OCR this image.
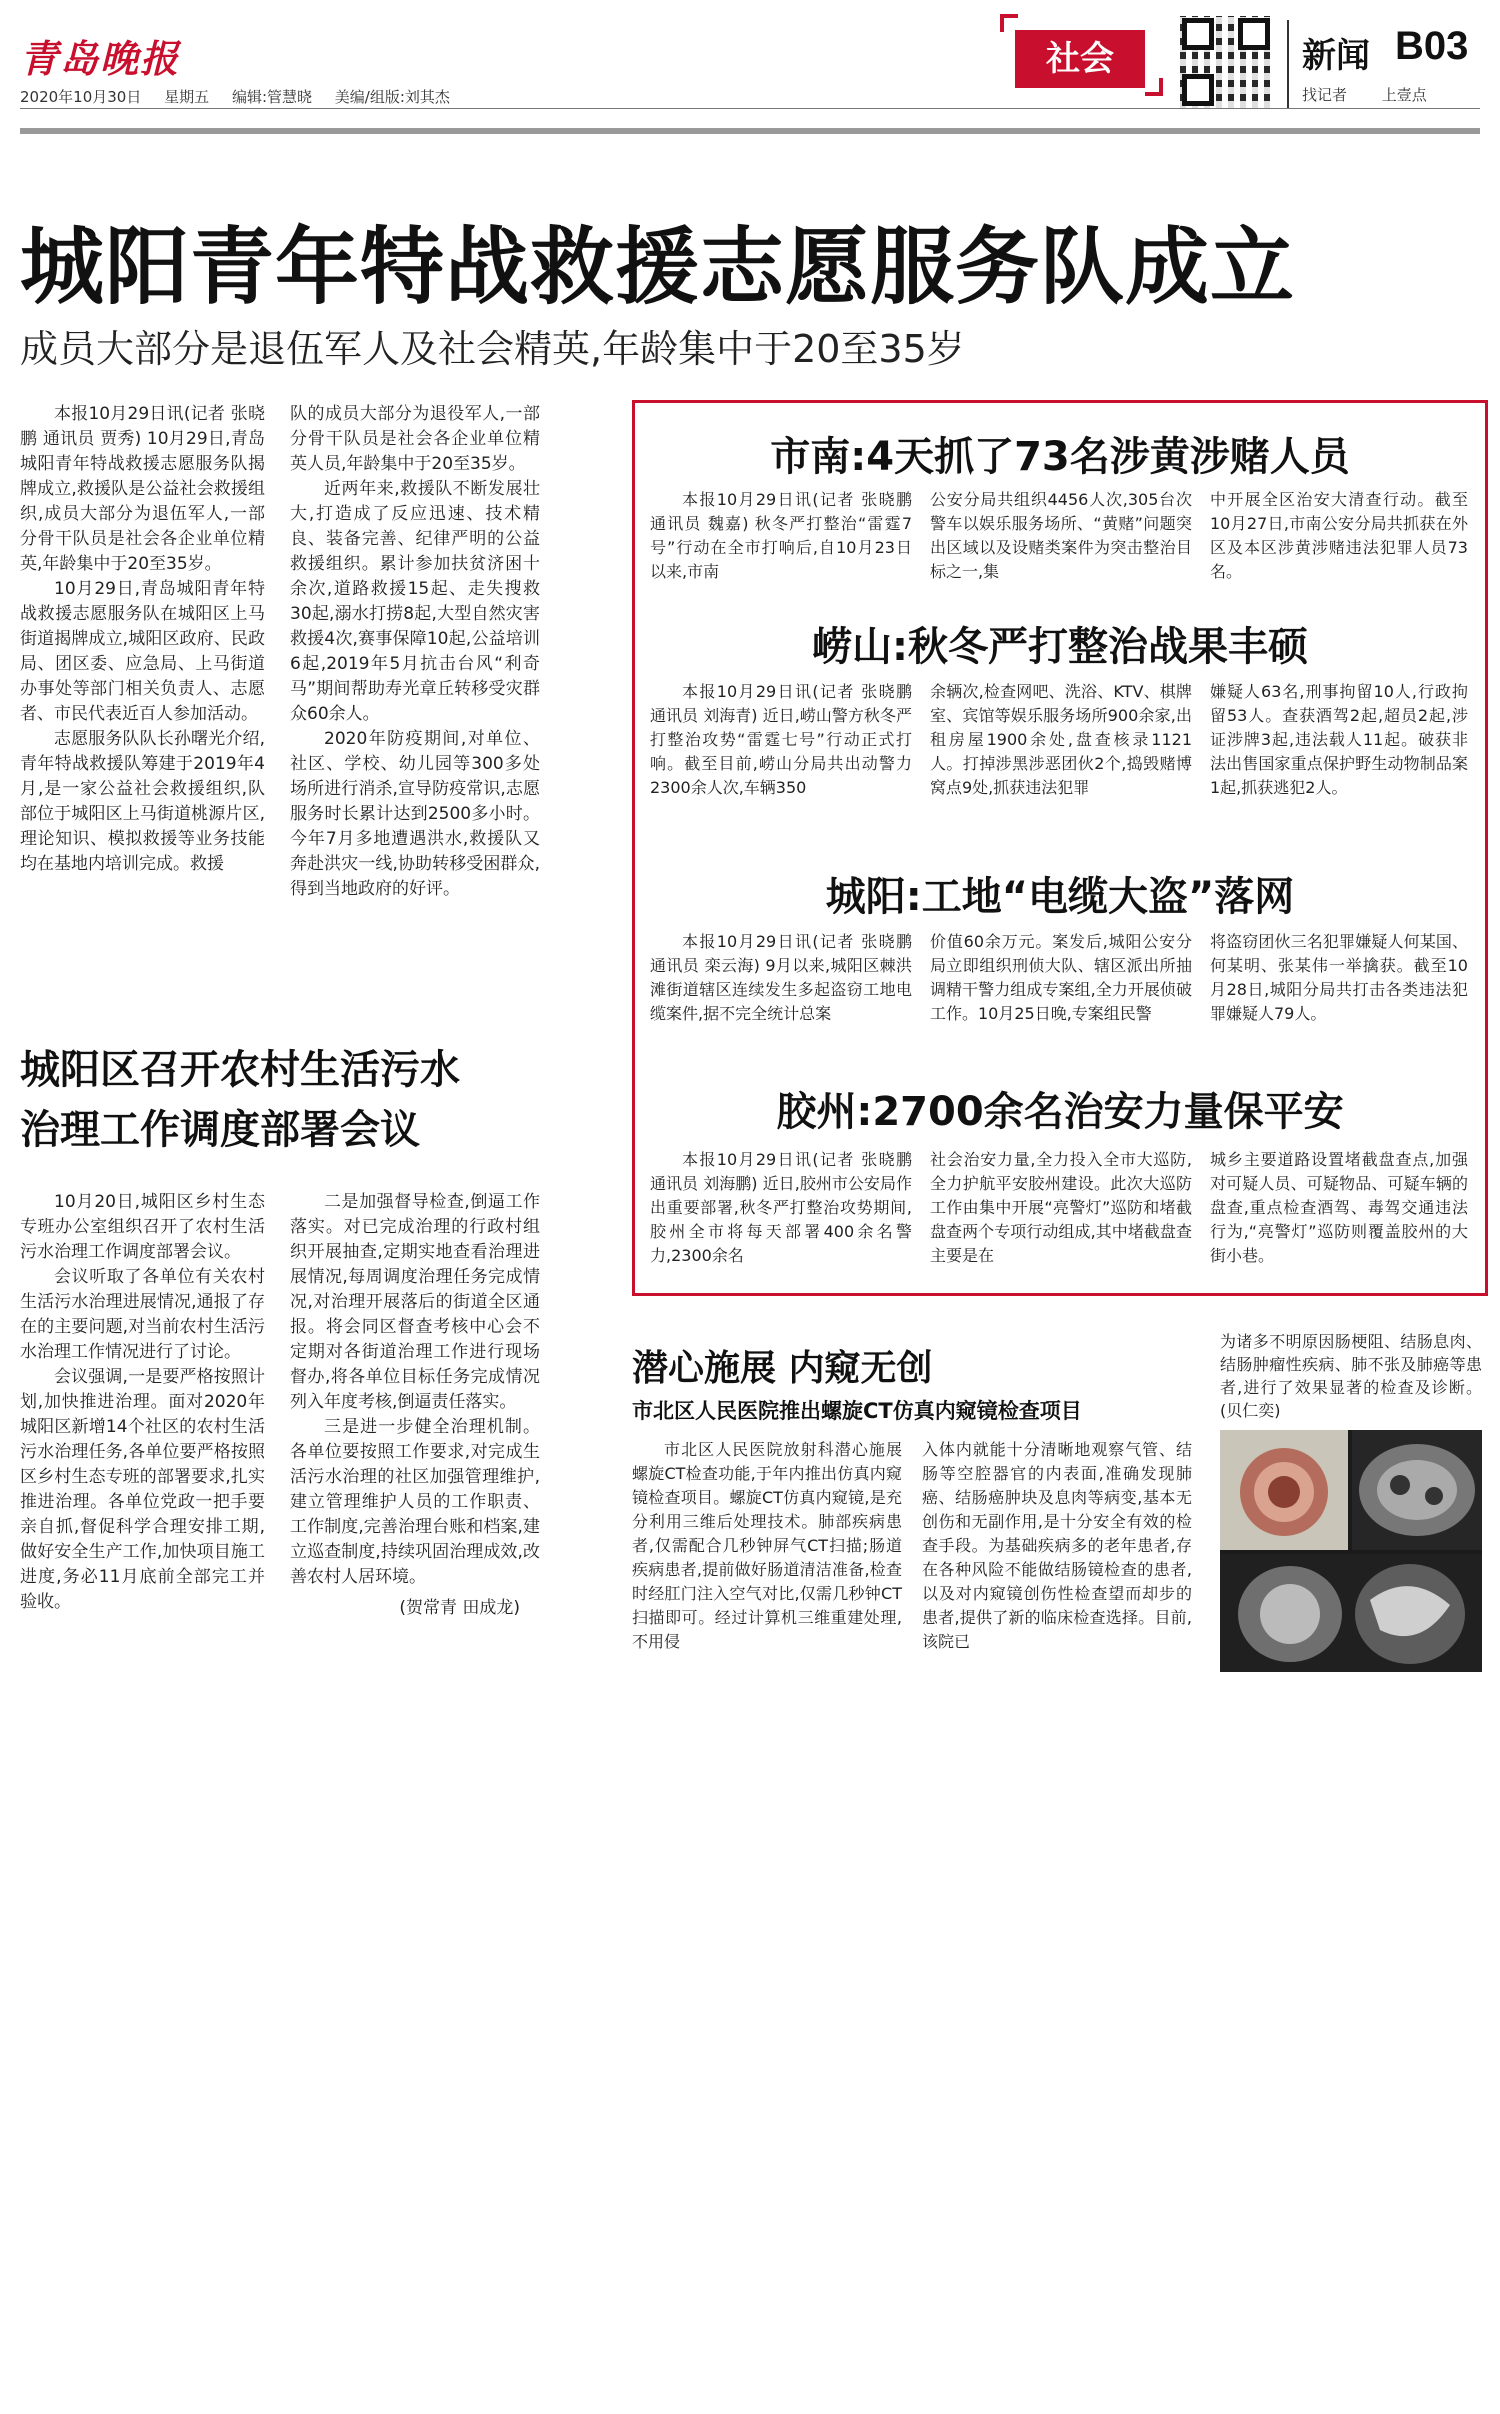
青岛晚报
2020年10月30日 星期五 编辑:管慧晓 美编/组版:刘其杰
社会	新闻 B03
找记者 上壹点
城阳青年特战救援志愿服务队成立
成员大部分是退伍军人及社会精英,年龄集中于20至35岁

本报10月29日讯(记者 张晓鹏 通讯员 贾秀) 10月29日,青岛城阳青年特战救援志愿服务队揭牌成立,救援队是公益社会救援组织,成员大部分为退伍军人,一部分骨干队员是社会各企业单位精英,年龄集中于20至35岁。

10月29日,青岛城阳青年特战救援志愿服务队在城阳区上马街道揭牌成立,城阳区政府、民政局、团区委、应急局、上马街道办事处等部门相关负责人、志愿者、市民代表近百人参加活动。

志愿服务队队长孙曙光介绍,青年特战救援队筹建于2019年4月,是一家公益社会救援组织,队部位于城阳区上马街道桃源片区,理论知识、模拟救援等业务技能均在基地内培训完成。救援

队的成员大部分为退役军人,一部分骨干队员是社会各企业单位精英人员,年龄集中于20至35岁。

近两年来,救援队不断发展壮大,打造成了反应迅速、技术精良、装备完善、纪律严明的公益救援组织。累计参加扶贫济困十余次,道路救援15起、走失搜救30起,溺水打捞8起,大型自然灾害救援4次,赛事保障10起,公益培训6起,2019年5月抗击台风“利奇马”期间帮助寿光章丘转移受灾群众60余人。

2020年防疫期间,对单位、社区、学校、幼儿园等300多处场所进行消杀,宣导防疫常识,志愿服务时长累计达到2500多小时。今年7月多地遭遇洪水,救援队又奔赴洪灾一线,协助转移受困群众,得到当地政府的好评。

市南:4天抓了73名涉黄涉赌人员

本报10月29日讯(记者 张晓鹏 通讯员 魏嘉) 秋冬严打整治“雷霆7号”行动在全市打响后,自10月23日以来,市南

公安分局共组织4456人次,305台次警车以娱乐服务场所、“黄赌”问题突出区域以及设赌类案件为突击整治目标之一,集

中开展全区治安大清查行动。截至10月27日,市南公安分局共抓获在外区及本区涉黄涉赌违法犯罪人员73名。

崂山:秋冬严打整治战果丰硕

本报10月29日讯(记者 张晓鹏 通讯员 刘海青) 近日,崂山警方秋冬严打整治攻势“雷霆七号”行动正式打响。截至目前,崂山分局共出动警力2300余人次,车辆350

余辆次,检查网吧、洗浴、KTV、棋牌室、宾馆等娱乐服务场所900余家,出租房屋1900余处,盘查核录1121人。打掉涉黑涉恶团伙2个,捣毁赌博窝点9处,抓获违法犯罪

嫌疑人63名,刑事拘留10人,行政拘留53人。查获酒驾2起,超员2起,涉证涉牌3起,违法载人11起。破获非法出售国家重点保护野生动物制品案1起,抓获逃犯2人。

城阳:工地“电缆大盗”落网

本报10月29日讯(记者 张晓鹏 通讯员 栾云海) 9月以来,城阳区棘洪滩街道辖区连续发生多起盗窃工地电缆案件,据不完全统计总案

价值60余万元。案发后,城阳公安分局立即组织刑侦大队、辖区派出所抽调精干警力组成专案组,全力开展侦破工作。10月25日晚,专案组民警

将盗窃团伙三名犯罪嫌疑人何某国、何某明、张某伟一举擒获。截至10月28日,城阳分局共打击各类违法犯罪嫌疑人79人。

胶州:2700余名治安力量保平安

本报10月29日讯(记者 张晓鹏 通讯员 刘海鹏) 近日,胶州市公安局作出重要部署,秋冬严打整治攻势期间,胶州全市将每天部署400余名警力,2300余名

社会治安力量,全力投入全市大巡防,全力护航平安胶州建设。此次大巡防工作由集中开展“亮警灯”巡防和堵截盘查两个专项行动组成,其中堵截盘查主要是在

城乡主要道路设置堵截盘查点,加强对可疑人员、可疑物品、可疑车辆的盘查,重点检查酒驾、毒驾交通违法行为,“亮警灯”巡防则覆盖胶州的大街小巷。

城阳区召开农村生活污水
治理工作调度部署会议

10月20日,城阳区乡村生态专班办公室组织召开了农村生活污水治理工作调度部署会议。

会议听取了各单位有关农村生活污水治理进展情况,通报了存在的主要问题,对当前农村生活污水治理工作情况进行了讨论。

会议强调,一是要严格按照计划,加快推进治理。面对2020年城阳区新增14个社区的农村生活污水治理任务,各单位要严格按照区乡村生态专班的部署要求,扎实推进治理。各单位党政一把手要亲自抓,督促科学合理安排工期,做好安全生产工作,加快项目施工进度,务必11月底前全部完工并验收。

二是加强督导检查,倒逼工作落实。对已完成治理的行政村组织开展抽查,定期实地查看治理进展情况,每周调度治理任务完成情况,对治理开展落后的街道全区通报。将会同区督查考核中心会不定期对各街道治理工作进行现场督办,将各单位目标任务完成情况列入年度考核,倒逼责任落实。

三是进一步健全治理机制。各单位要按照工作要求,对完成生活污水治理的社区加强管理维护,建立管理维护人员的工作职责、工作制度,完善治理台账和档案,建立巡查制度,持续巩固治理成效,改善农村人居环境。

(贺常青 田成龙)
潜心施展 内窥无创
市北区人民医院推出螺旋CT仿真内窥镜检查项目

市北区人民医院放射科潜心施展螺旋CT检查功能,于年内推出仿真内窥镜检查项目。螺旋CT仿真内窥镜,是充分利用三维后处理技术。肺部疾病患者,仅需配合几秒钟屏气CT扫描;肠道疾病患者,提前做好肠道清洁准备,检查时经肛门注入空气对比,仅需几秒钟CT扫描即可。经过计算机三维重建处理,不用侵

入体内就能十分清晰地观察气管、结肠等空腔器官的内表面,准确发现肺癌、结肠癌肿块及息肉等病变,基本无创伤和无副作用,是十分安全有效的检查手段。为基础疾病多的老年患者,存在各种风险不能做结肠镜检查的患者,以及对内窥镜创伤性检查望而却步的患者,提供了新的临床检查选择。目前,该院已

为诸多不明原因肠梗阻、结肠息肉、结肠肿瘤性疾病、肺不张及肺癌等患者,进行了效果显著的检查及诊断。(贝仁奕)
